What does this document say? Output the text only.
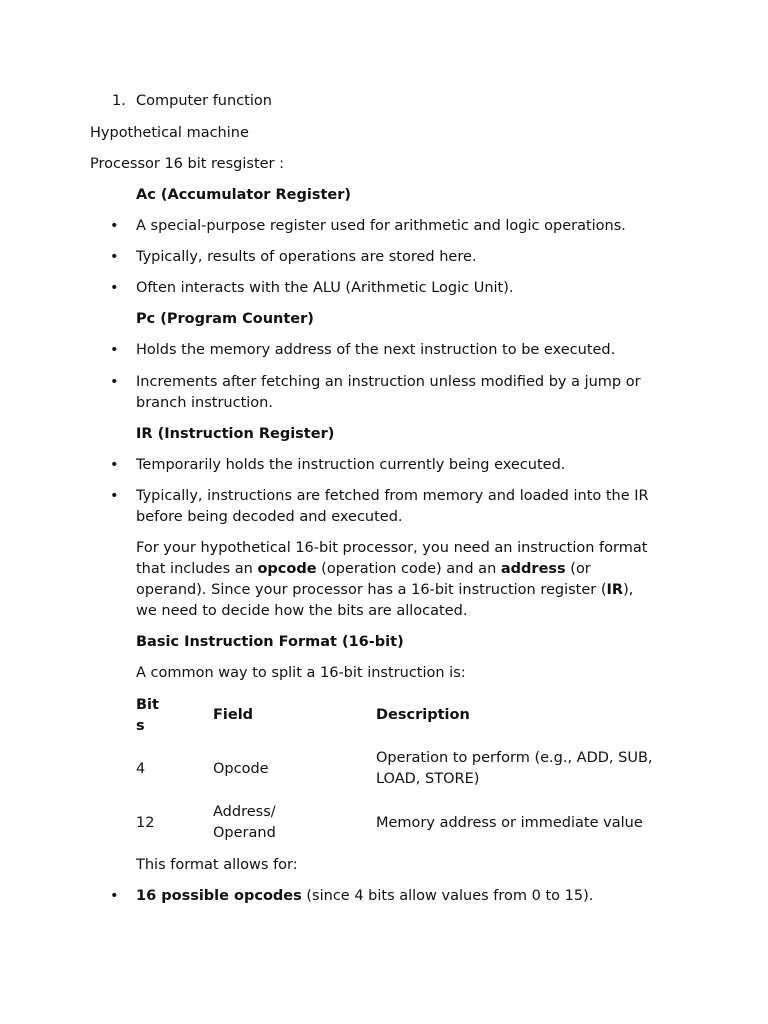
1. Computer function
Hypothetical machine
Processor 16 bit resgister :
Ac (Accumulator Register)
• A special-purpose register used for arithmetic and logic operations.
• Typically, results of operations are stored here.
• Often interacts with the ALU (Arithmetic Logic Unit).
Pc (Program Counter)
• Holds the memory address of the next instruction to be executed.
• Increments after fetching an instruction unless modified by a jump or
branch instruction.
IR (Instruction Register)
• Temporarily holds the instruction currently being executed.
• Typically, instructions are fetched from memory and loaded into the IR
before being decoded and executed.
For your hypothetical 16-bit processor, you need an instruction format
that includes an opcode (operation code) and an address (or
operand). Since your processor has a 16-bit instruction register (IR),
we need to decide how the bits are allocated.
Basic Instruction Format (16-bit)
A common way to split a 16-bit instruction is:
Bit
s
Field	Description
4	Opcode
Operation to perform (e.g., ADD, SUB,
LOAD, STORE)
12
Address/
Operand
Memory address or immediate value
This format allows for:
• 16 possible opcodes (since 4 bits allow values from 0 to 15).
